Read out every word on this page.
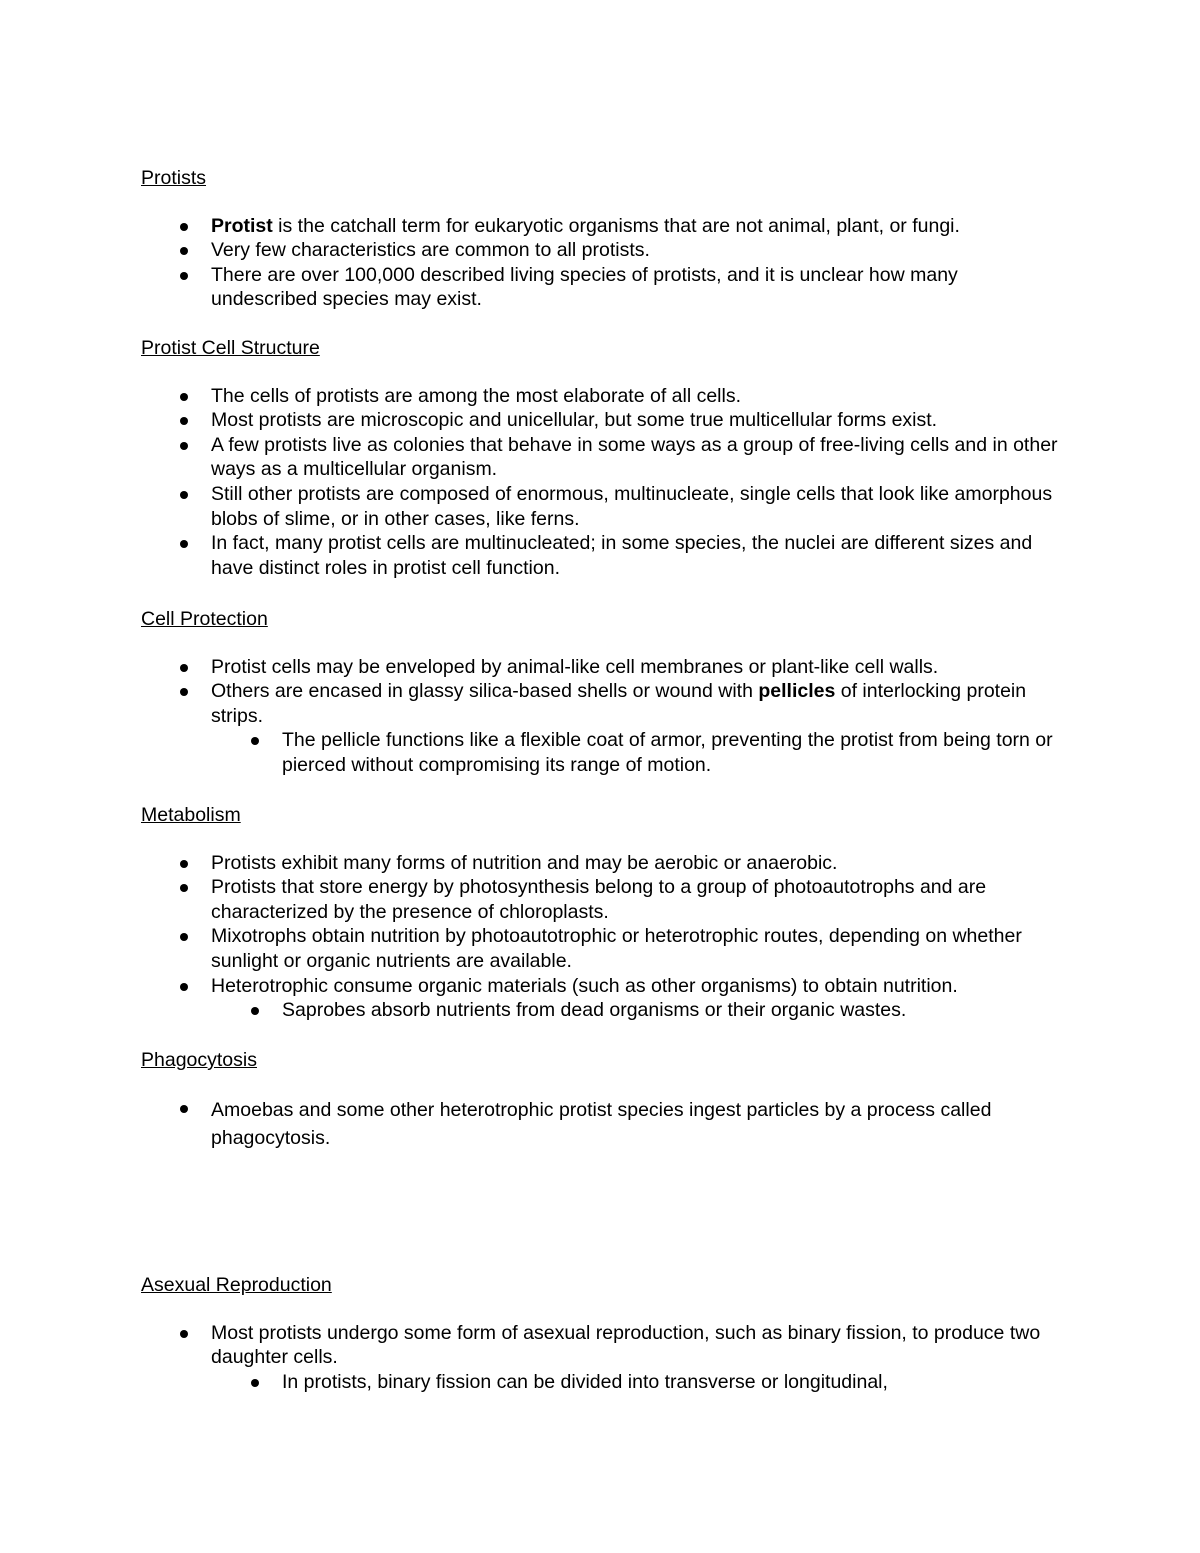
Protists
Protist is the catchall term for eukaryotic organisms that are not animal, plant, or fungi.
Very few characteristics are common to all protists.
There are over 100,000 described living species of protists, and it is unclear how many undescribed species may exist.
Protist Cell Structure
The cells of protists are among the most elaborate of all cells.
Most protists are microscopic and unicellular, but some true multicellular forms exist.
A few protists live as colonies that behave in some ways as a group of free-living cells and in other ways as a multicellular organism.
Still other protists are composed of enormous, multinucleate, single cells that look like amorphous blobs of slime, or in other cases, like ferns.
In fact, many protist cells are multinucleated; in some species, the nuclei are different sizes and have distinct roles in protist cell function.
Cell Protection
Protist cells may be enveloped by animal-like cell membranes or plant-like cell walls.
Others are encased in glassy silica-based shells or wound with pellicles of interlocking protein strips.
The pellicle functions like a flexible coat of armor, preventing the protist from being torn or pierced without compromising its range of motion.
Metabolism
Protists exhibit many forms of nutrition and may be aerobic or anaerobic.
Protists that store energy by photosynthesis belong to a group of photoautotrophs and are characterized by the presence of chloroplasts.
Mixotrophs obtain nutrition by photoautotrophic or heterotrophic routes, depending on whether sunlight or organic nutrients are available.
Heterotrophic consume organic materials (such as other organisms) to obtain nutrition.
Saprobes absorb nutrients from dead organisms or their organic wastes.
Phagocytosis
Amoebas and some other heterotrophic protist species ingest particles by a process called phagocytosis.
Asexual Reproduction
Most protists undergo some form of asexual reproduction, such as binary fission, to produce two daughter cells.
In protists, binary fission can be divided into transverse or longitudinal,
